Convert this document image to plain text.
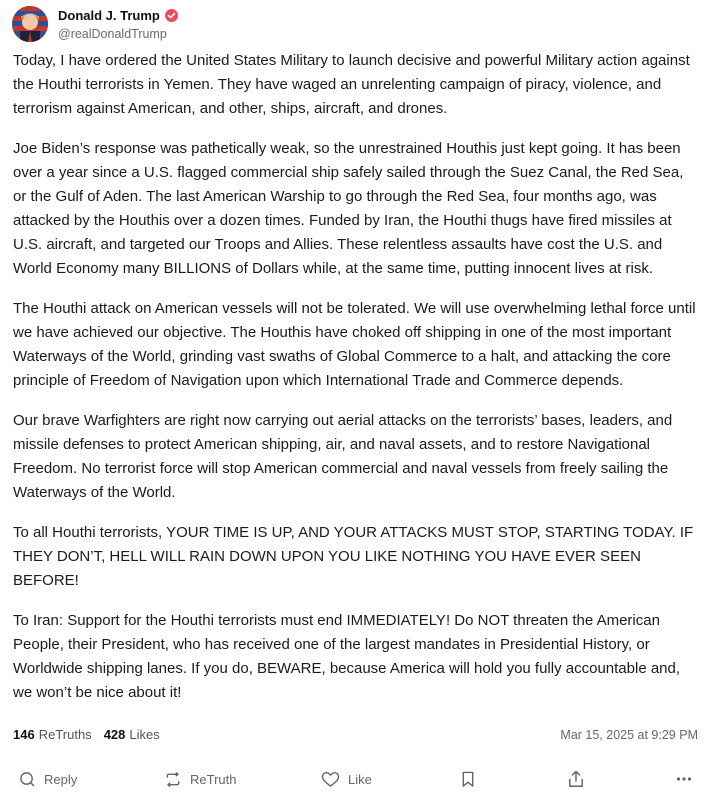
Donald J. Trump
@realDonaldTrump

Today, I have ordered the United States Military to launch decisive and powerful Military action against the Houthi terrorists in Yemen. They have waged an unrelenting campaign of piracy, violence, and terrorism against American, and other, ships, aircraft, and drones.

Joe Biden’s response was pathetically weak, so the unrestrained Houthis just kept going. It has been over a year since a U.S. flagged commercial ship safely sailed through the Suez Canal, the Red Sea, or the Gulf of Aden. The last American Warship to go through the Red Sea, four months ago, was attacked by the Houthis over a dozen times. Funded by Iran, the Houthi thugs have fired missiles at U.S. aircraft, and targeted our Troops and Allies. These relentless assaults have cost the U.S. and World Economy many BILLIONS of Dollars while, at the same time, putting innocent lives at risk.

The Houthi attack on American vessels will not be tolerated. We will use overwhelming lethal force until we have achieved our objective. The Houthis have choked off shipping in one of the most important Waterways of the World, grinding vast swaths of Global Commerce to a halt, and attacking the core principle of Freedom of Navigation upon which International Trade and Commerce depends.

Our brave Warfighters are right now carrying out aerial attacks on the terrorists’ bases, leaders, and missile defenses to protect American shipping, air, and naval assets, and to restore Navigational Freedom. No terrorist force will stop American commercial and naval vessels from freely sailing the Waterways of the World.

To all Houthi terrorists, YOUR TIME IS UP, AND YOUR ATTACKS MUST STOP, STARTING TODAY. IF THEY DON’T, HELL WILL RAIN DOWN UPON YOU LIKE NOTHING YOU HAVE EVER SEEN BEFORE!

To Iran: Support for the Houthi terrorists must end IMMEDIATELY! Do NOT threaten the American People, their President, who has received one of the largest mandates in Presidential History, or Worldwide shipping lanes. If you do, BEWARE, because America will hold you fully accountable and, we won’t be nice about it!

146 ReTruths 428 Likes	Mar 15, 2025 at 9:29 PM
Reply	ReTruth	Like
